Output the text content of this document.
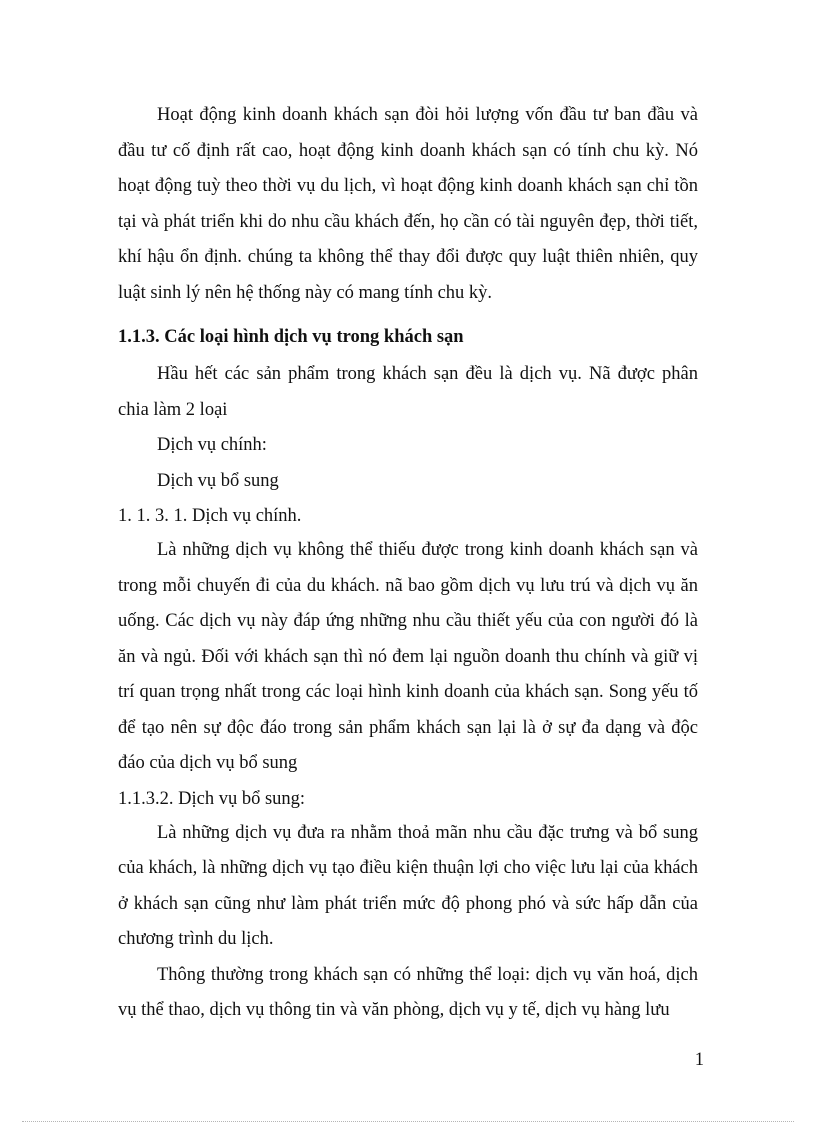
Hoạt động kinh doanh khách sạn đòi hỏi lượng vốn đầu tư ban đầu và đầu tư cố định rất cao, hoạt động kinh doanh khách sạn có tính chu kỳ. Nó hoạt động tuỳ theo thời vụ du lịch, vì hoạt động kinh doanh khách sạn chỉ tồn tại và phát triển khi do nhu cầu khách đến, họ cần có tài nguyên đẹp, thời tiết, khí hậu ổn định. chúng ta không thể thay đổi được quy luật thiên nhiên, quy luật sinh lý nên hệ thống này có mang tính chu kỳ.

1.1.3. Các loại hình dịch vụ trong khách sạn

Hầu hết các sản phẩm trong khách sạn đều là dịch vụ. Nã được phân chia làm 2 loại

Dịch vụ chính:

Dịch vụ bổ sung

1. 1. 3. 1. Dịch vụ chính.

Là những dịch vụ không thể thiếu được trong kinh doanh khách sạn và trong mỗi chuyến đi của du khách. nã bao gồm dịch vụ lưu trú và dịch vụ ăn uống. Các dịch vụ này đáp ứng những nhu cầu thiết yếu của con người đó là ăn và ngủ. Đối với khách sạn thì nó đem lại nguồn doanh thu chính và giữ vị trí quan trọng nhất trong các loại hình kinh doanh của khách sạn. Song yếu tố để tạo nên sự độc đáo trong sản phẩm khách sạn lại là ở sự đa dạng và độc đáo của dịch vụ bổ sung

1.1.3.2. Dịch vụ bổ sung:

Là những dịch vụ đưa ra nhằm thoả mãn nhu cầu đặc trưng và bổ sung của khách, là những dịch vụ tạo điều kiện thuận lợi cho việc lưu lại của khách ở khách sạn cũng như làm phát triển mức độ phong phó và sức hấp dẫn của chương trình du lịch.

Thông thường trong khách sạn có những thể loại: dịch vụ văn hoá, dịch vụ thể thao, dịch vụ thông tin và văn phòng, dịch vụ y tế, dịch vụ hàng lưu

1
